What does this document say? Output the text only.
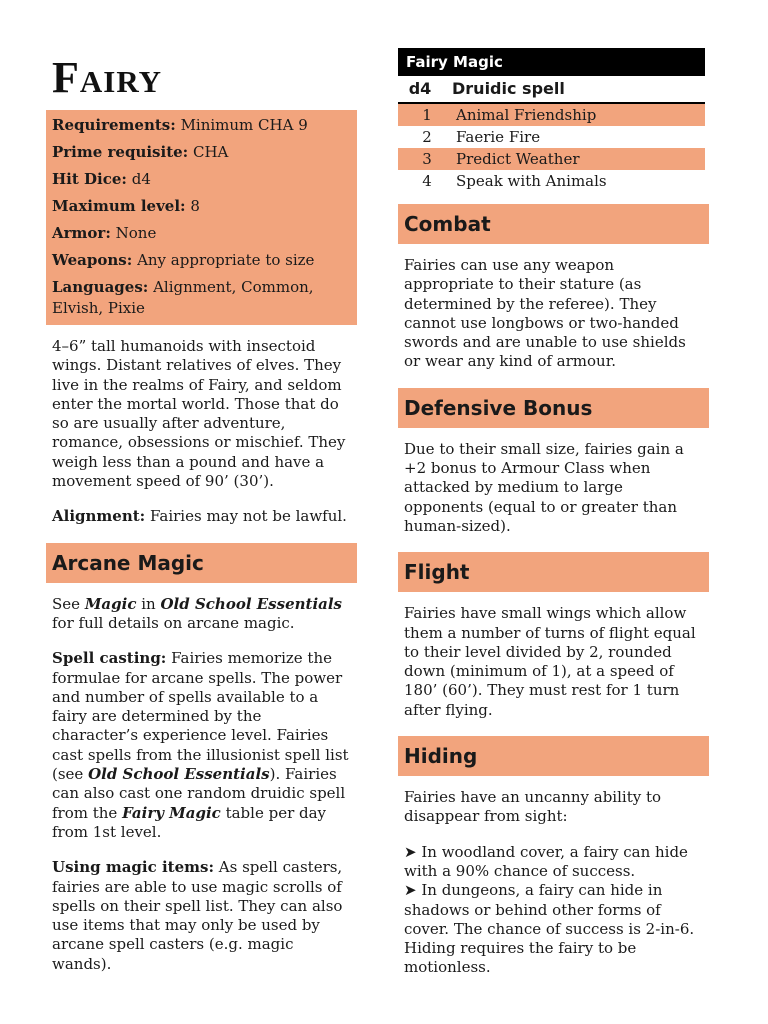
Fairy
Requirements: Minimum CHA 9
Prime requisite: CHA
Hit Dice: d4
Maximum level: 8
Armor: None
Weapons: Any appropriate to size
Languages: Alignment, Common, Elvish, Pixie

4–6” tall humanoids with insectoid wings. Distant relatives of elves. They live in the realms of Fairy, and seldom enter the mortal world. Those that do so are usually after adventure, romance, obsessions or mischief. They weigh less than a pound and have a movement speed of 90’ (30’).

Alignment: Fairies may not be lawful.

Arcane Magic

See Magic in Old School Essentials for full details on arcane magic.

Spell casting: Fairies memorize the formulae for arcane spells. The power and number of spells available to a fairy are determined by the character’s experience level. Fairies cast spells from the illusionist spell list (see Old School Essentials). Fairies can also cast one random druidic spell from the Fairy Magic table per day from 1st level.

Using magic items: As spell casters, fairies are able to use magic scrolls of spells on their spell list. They can also use items that may only be used by arcane spell casters (e.g. magic wands).

Fairy Magic
d4	Druidic spell
1	Animal Friendship
2	Faerie Fire
3	Predict Weather
4	Speak with Animals
Combat

Fairies can use any weapon appropriate to their stature (as determined by the referee). They cannot use longbows or two-handed swords and are unable to use shields or wear any kind of armour.

Defensive Bonus

Due to their small size, fairies gain a +2 bonus to Armour Class when attacked by medium to large opponents (equal to or greater than human-sized).

Flight

Fairies have small wings which allow them a number of turns of flight equal to their level divided by 2, rounded down (minimum of 1), at a speed of 180’ (60’). They must rest for 1 turn after flying.

Hiding

Fairies have an uncanny ability to disappear from sight:

➤ In woodland cover, a fairy can hide with a 90% chance of success.

➤ In dungeons, a fairy can hide in shadows or behind other forms of cover. The chance of success is 2-in-6. Hiding requires the fairy to be motionless.
